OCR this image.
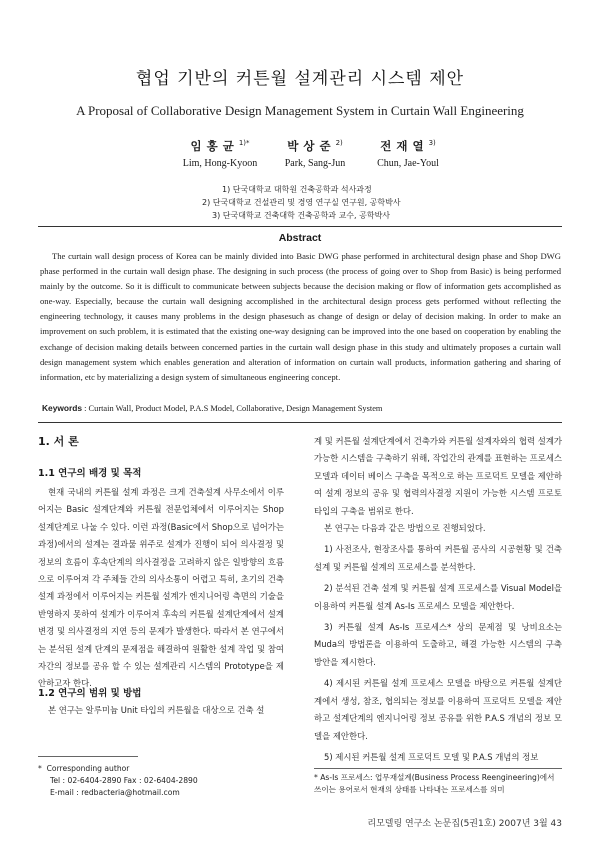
협업 기반의 커튼월 설계관리 시스템 제안
A Proposal of Collaborative Design Management System in Curtain Wall Engineering
임홍균$^{1)*}$
Lim, Hong-Kyoon
박상준$^{2)}$
Park, Sang-Jun
전재열$^{3)}$
Chun, Jae-Youl
1) 단국대학교 대학원 건축공학과 석사과정
2) 단국대학교 건설관리 및 경영 연구실 연구원, 공학박사
3) 단국대학교 건축대학 건축공학과 교수, 공학박사
Abstract
The curtain wall design process of Korea can be mainly divided into Basic DWG phase performed in architectural design phase and Shop DWG phase performed in the curtain wall design phase. The designing in such process (the process of going over to Shop from Basic) is being performed mainly by the outcome. So it is difficult to communicate between subjects because the decision making or flow of information gets accomplished as one-way. Especially, because the curtain wall designing accomplished in the architectural design process gets performed without reflecting the engineering technology, it causes many problems in the design phasesuch as change of design or delay of decision making. In order to make an improvement on such problem, it is estimated that the existing one-way designing can be improved into the one based on cooperation by enabling the exchange of decision making details between concerned parties in the curtain wall design phase in this study and ultimately proposes a curtain wall design management system which enables generation and alteration of information on curtain wall products, information gathering and sharing of information, etc by materializing a design system of simultaneous engineering concept.
Keywords : Curtain Wall, Product Model, P.A.S Model, Collaborative, Design Management System
1. 서 론
1.1 연구의 배경 및 목적

현재 국내의 커튼월 설계 과정은 크게 건축설계 사무소에서 이루어지는 Basic 설계단계와 커튼월 전문업체에서 이루어지는 Shop 설계단계로 나눌 수 있다. 이런 과정(Basic에서 Shop으로 넘어가는 과정)에서의 설계는 결과물 위주로 설계가 진행이 되어 의사결정 및 정보의 흐름이 후속단계의 의사결정을 고려하지 않은 일방향의 흐름으로 이루어져 각 주체들 간의 의사소통이 어렵고 특히, 초기의 건축설계 과정에서 이루어지는 커튼월 설계가 엔지니어링 측면의 기술을 반영하지 못하여 설계가 이루어져 후속의 커튼월 설계단계에서 설계 변경 및 의사결정의 지연 등의 문제가 발생한다. 따라서 본 연구에서는 분석된 설계 단계의 문제점을 해결하여 원활한 설계 작업 및 참여자간의 정보를 공유 할 수 있는 설계관리 시스템의 Prototype을 제안하고자 한다.

1.2 연구의 범위 및 방법

본 연구는 알루미늄 Unit 타입의 커튼월을 대상으로 건축 설

* Corresponding author
Tel : 02-6404-2890 Fax : 02-6404-2890
E-mail : redbacteria@hotmail.com

계 및 커튼월 설계단계에서 건축가와 커튼월 설계자와의 협력 설계가 가능한 시스템을 구축하기 위해, 작업간의 관계를 표현하는 프로세스 모델과 데이터 베이스 구축을 목적으로 하는 프로덕트 모델을 제안하여 설계 정보의 공유 및 협력의사결정 지원이 가능한 시스템 프로토 타입의 구축을 범위로 한다.

본 연구는 다음과 같은 방법으로 진행되었다.

1) 사전조사, 현장조사를 통하여 커튼월 공사의 시공현황 및 건축 설계 및 커튼월 설계의 프로세스를 분석한다.

2) 분석된 건축 설계 및 커튼월 설계 프로세스를 Visual Model을 이용하여 커튼월 설계 As-Is 프로세스 모델을 제안한다.

3) 커튼월 설계 As-Is 프로세스* 상의 문제점 및 낭비요소는 Muda의 방법론을 이용하여 도출하고, 해결 가능한 시스템의 구축 방안을 제시한다.

4) 제시된 커튼월 설계 프로세스 모델을 바탕으로 커튼월 설계단계에서 생성, 참조, 협의되는 정보를 이용하여 프로덕트 모델을 제안하고 설계단계의 엔지니어링 정보 공유를 위한 P.A.S 개념의 정보 모델을 제안한다.

5) 제시된 커튼월 설계 프로덕트 모델 및 P.A.S 개념의 정보

* As-Is 프로세스: 업무재설계(Business Process Reengineering)에서 쓰이는 용어로서 현재의 상태를 나타내는 프로세스를 의미
리모델링 연구소 논문집(5권1호) 2007년 3월 43
